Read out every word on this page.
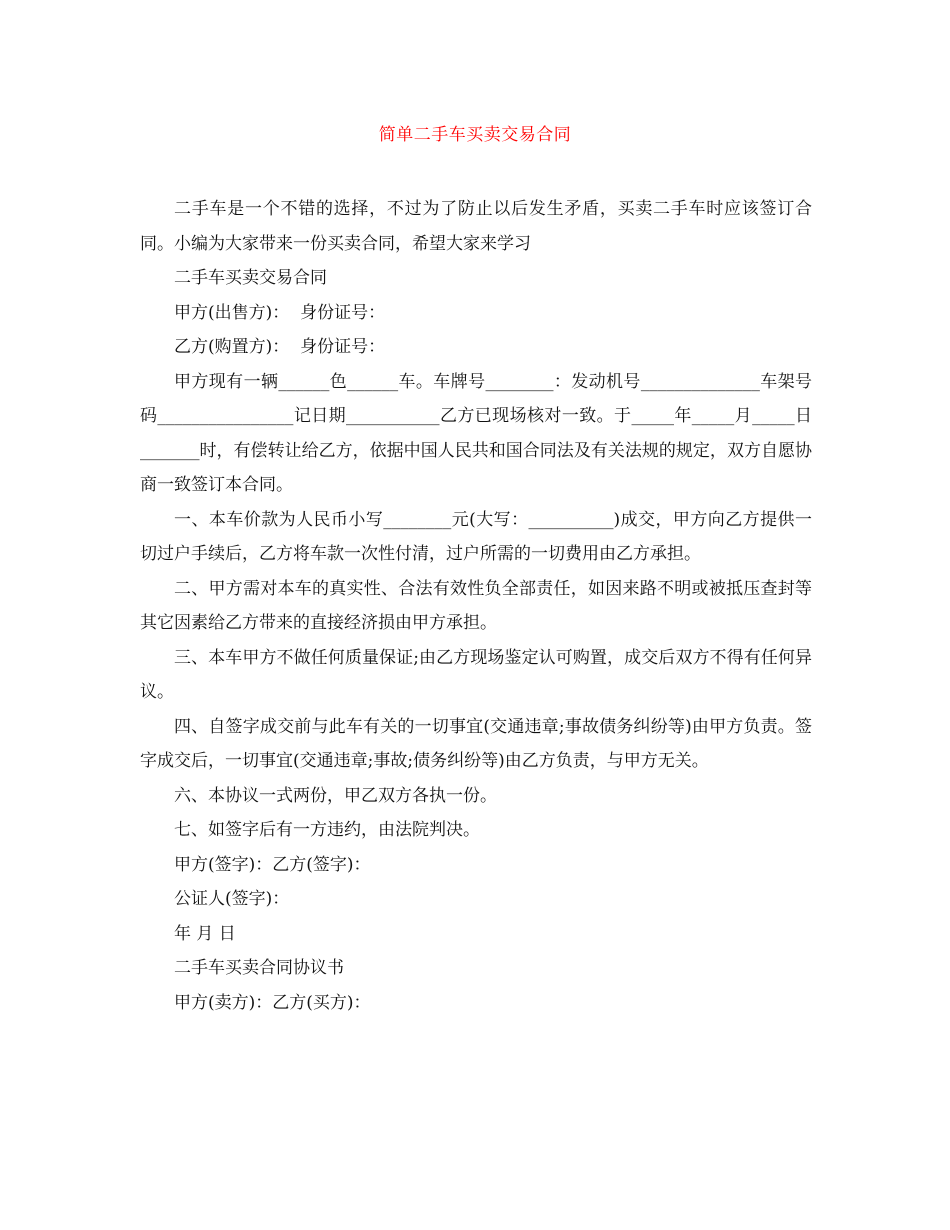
简单二手车买卖交易合同

二手车是一个不错的选择，不过为了防止以后发生矛盾，买卖二手车时应该签订合同。小编为大家带来一份买卖合同，希望大家来学习

二手车买卖交易合同

甲方(出售方)：  身份证号：

乙方(购置方)：  身份证号：

甲方现有一辆______色______车。车牌号________：发动机号______________车架号码________________记日期___________乙方已现场核对一致。于_____年_____月_____日_______时，有偿转让给乙方，依据中国人民共和国合同法及有关法规的规定，双方自愿协商一致签订本合同。

一、本车价款为人民币小写________元(大写：__________)成交，甲方向乙方提供一切过户手续后，乙方将车款一次性付清，过户所需的一切费用由乙方承担。

二、甲方需对本车的真实性、合法有效性负全部责任，如因来路不明或被抵压查封等其它因素给乙方带来的直接经济损由甲方承担。

三、本车甲方不做任何质量保证;由乙方现场鉴定认可购置，成交后双方不得有任何异议。

四、自签字成交前与此车有关的一切事宜(交通违章;事故债务纠纷等)由甲方负责。签字成交后，一切事宜(交通违章;事故;债务纠纷等)由乙方负责，与甲方无关。

六、本协议一式两份，甲乙双方各执一份。

七、如签字后有一方违约，由法院判决。

甲方(签字)：乙方(签字)：

公证人(签字)：

年 月 日

二手车买卖合同协议书

甲方(卖方)：乙方(买方)：
